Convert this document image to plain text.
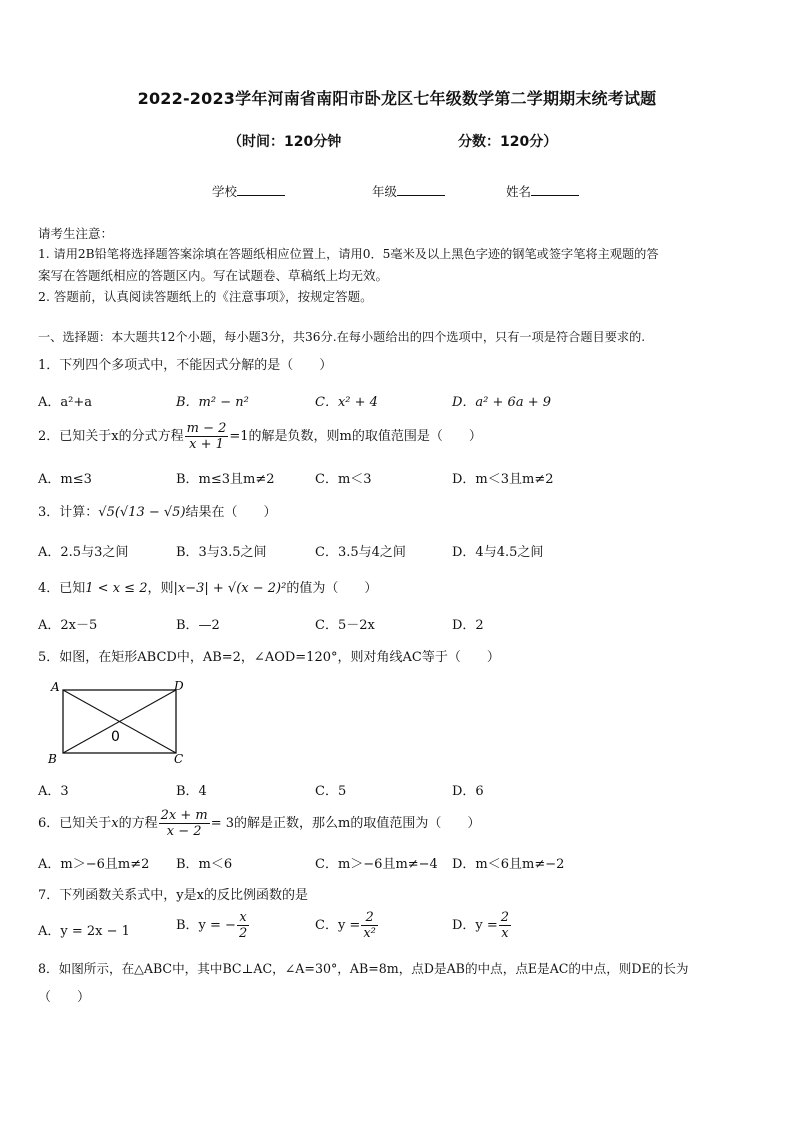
2022-2023学年河南省南阳市卧龙区七年级数学第二学期期末统考试题
（时间：120分钟	分数：120分）
学校	年级	姓名
请考生注意：
1. 请用2B铅笔将选择题答案涂填在答题纸相应位置上，请用0．5毫米及以上黑色字迹的钢笔或签字笔将主观题的答
案写在答题纸相应的答题区内。写在试题卷、草稿纸上均无效。
2. 答题前，认真阅读答题纸上的《注意事项》，按规定答题。
一、选择题：本大题共12个小题，每小题3分，共36分.在每小题给出的四个选项中，只有一项是符合题目要求的.
1．下列四个多项式中，不能因式分解的是（　　）
A．a²+a	B．m² − n²	C．x² + 4	D．a² + 6a + 9
2．已知关于x的分式方程 $\frac{m - 2}{x + 1} =1$的解是负数，则m的取值范围是（　　）
A．m≤3	B．m≤3且m≠2	C．m＜3	D．m＜3且m≠2
3．计算：√5(√13 − √5)结果在（　　）
A．2.5与3之间	B．3与3.5之间	C．3.5与4之间	D．4与4.5之间
4．已知1 < x ≤ 2，则|x−3| + √(x − 2)²的值为（　　）
A．2x－5	B．—2	C．5－2x	D．2
5．如图，在矩形ABCD中，AB=2，∠AOD=120°，则对角线AC等于（　　）
A	D
B	C
0
A．3	B．4	C．5	D．6
6．已知关于x的方程 $\frac{2x + m}{x - 2} = 3$的解是正数，那么m的取值范围为（　　）
A．m＞−6且m≠2 B．m＜6	C．m＞−6且m≠−4 D．m＜6且m≠−2
7．下列函数关系式中，y是x的反比例函数的是
A．y = 2x − 1	B．y = − $\frac{x}{2}$	C．$y = \frac{2}{\text{x²}}$	D．$y = \frac{2}{x}$
8．如图所示，在△ABC中，其中BC⊥AC，∠A=30°，AB=8m，点D是AB的中点，点E是AC的中点，则DE的长为
（　　）
